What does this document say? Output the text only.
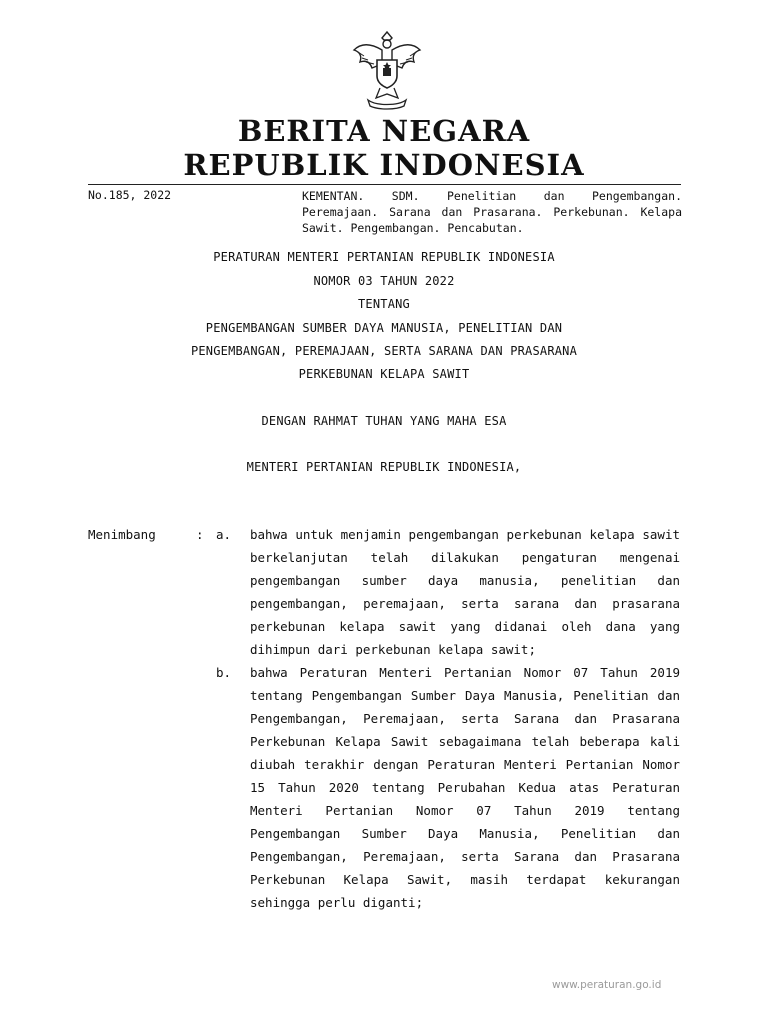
BERITA NEGARA
REPUBLIK INDONESIA
No.185, 2022	KEMENTAN. SDM. Penelitian dan Pengembangan. Peremajaan. Sarana dan Prasarana. Perkebunan. Kelapa Sawit. Pengembangan. Pencabutan.
PERATURAN MENTERI PERTANIAN REPUBLIK INDONESIA
NOMOR 03 TAHUN 2022
TENTANG
PENGEMBANGAN SUMBER DAYA MANUSIA, PENELITIAN DAN
PENGEMBANGAN, PEREMAJAAN, SERTA SARANA DAN PRASARANA
PERKEBUNAN KELAPA SAWIT
DENGAN RAHMAT TUHAN YANG MAHA ESA
MENTERI PERTANIAN REPUBLIK INDONESIA,
Menimbang	: a. bahwa untuk menjamin pengembangan perkebunan kelapa sawit berkelanjutan telah dilakukan pengaturan mengenai pengembangan sumber daya manusia, penelitian dan pengembangan, peremajaan, serta sarana dan prasarana perkebunan kelapa sawit yang didanai oleh dana yang dihimpun dari perkebunan kelapa sawit;
b. bahwa Peraturan Menteri Pertanian Nomor 07 Tahun 2019 tentang Pengembangan Sumber Daya Manusia, Penelitian dan Pengembangan, Peremajaan, serta Sarana dan Prasarana Perkebunan Kelapa Sawit sebagaimana telah beberapa kali diubah terakhir dengan Peraturan Menteri Pertanian Nomor 15 Tahun 2020 tentang Perubahan Kedua atas Peraturan Menteri Pertanian Nomor 07 Tahun 2019 tentang Pengembangan Sumber Daya Manusia, Penelitian dan Pengembangan, Peremajaan, serta Sarana dan Prasarana Perkebunan Kelapa Sawit, masih terdapat kekurangan sehingga perlu diganti;
www.peraturan.go.id
